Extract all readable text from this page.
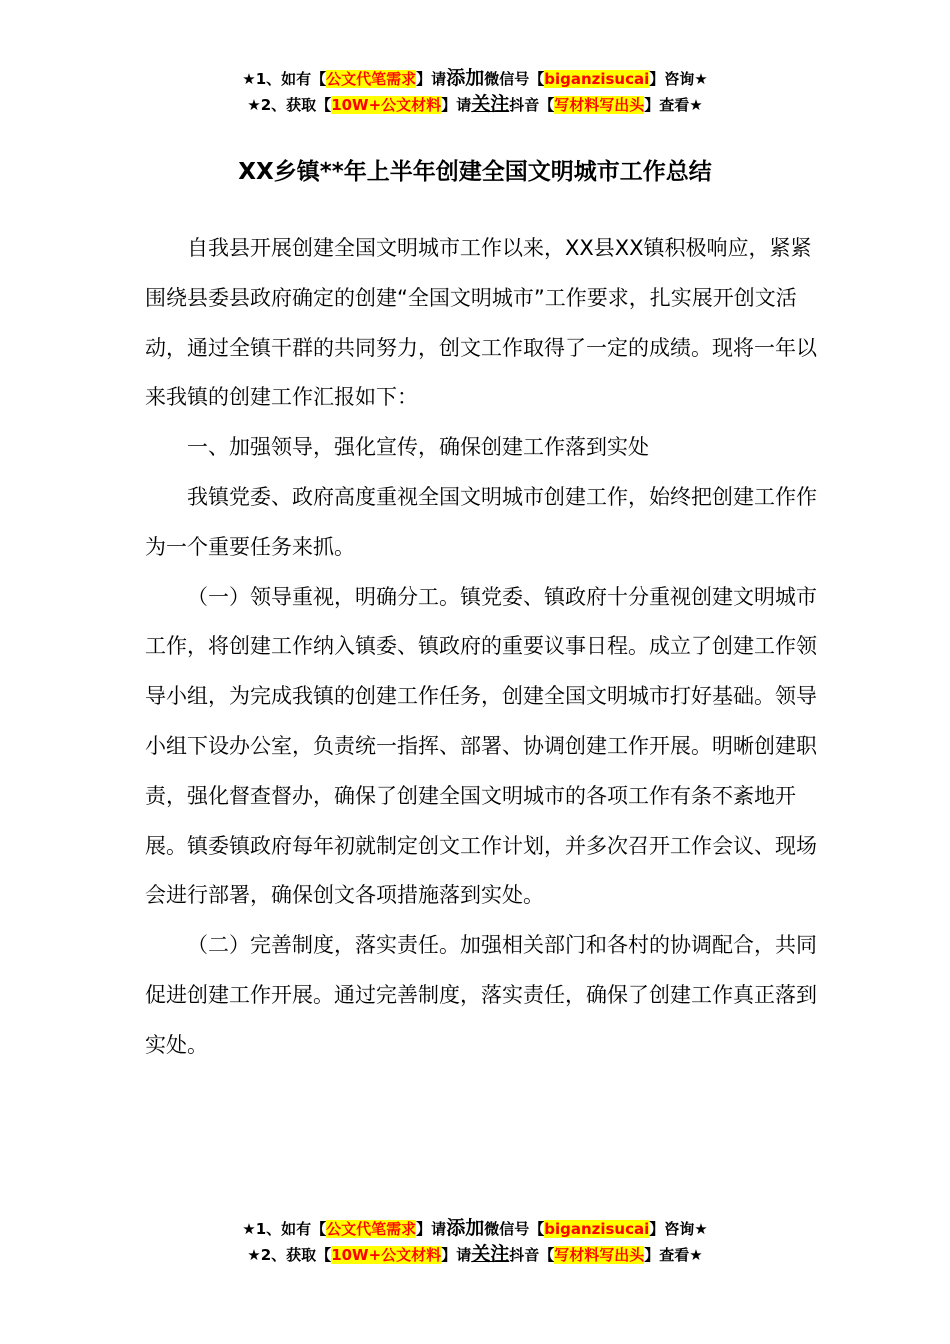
★1、如有【公文代笔需求】请添加微信号【biganzisucai】咨询★
★2、获取【10W+公文材料】请关注抖音【写材料写出头】查看★
XX乡镇**年上半年创建全国文明城市工作总结

自我县开展创建全国文明城市工作以来，XX县XX镇积极响应，紧紧围绕县委县政府确定的创建“全国文明城市”工作要求，扎实展开创文活动，通过全镇干群的共同努力，创文工作取得了一定的成绩。现将一年以来我镇的创建工作汇报如下：

一、加强领导，强化宣传，确保创建工作落到实处

我镇党委、政府高度重视全国文明城市创建工作，始终把创建工作作为一个重要任务来抓。

（一）领导重视，明确分工。镇党委、镇政府十分重视创建文明城市工作，将创建工作纳入镇委、镇政府的重要议事日程。成立了创建工作领导小组，为完成我镇的创建工作任务，创建全国文明城市打好基础。领导小组下设办公室，负责统一指挥、部署、协调创建工作开展。明晰创建职责，强化督查督办，确保了创建全国文明城市的各项工作有条不紊地开展。镇委镇政府每年初就制定创文工作计划，并多次召开工作会议、现场会进行部署，确保创文各项措施落到实处。

（二）完善制度，落实责任。加强相关部门和各村的协调配合，共同促进创建工作开展。通过完善制度，落实责任，确保了创建工作真正落到实处。

★1、如有【公文代笔需求】请添加微信号【biganzisucai】咨询★
★2、获取【10W+公文材料】请关注抖音【写材料写出头】查看★
